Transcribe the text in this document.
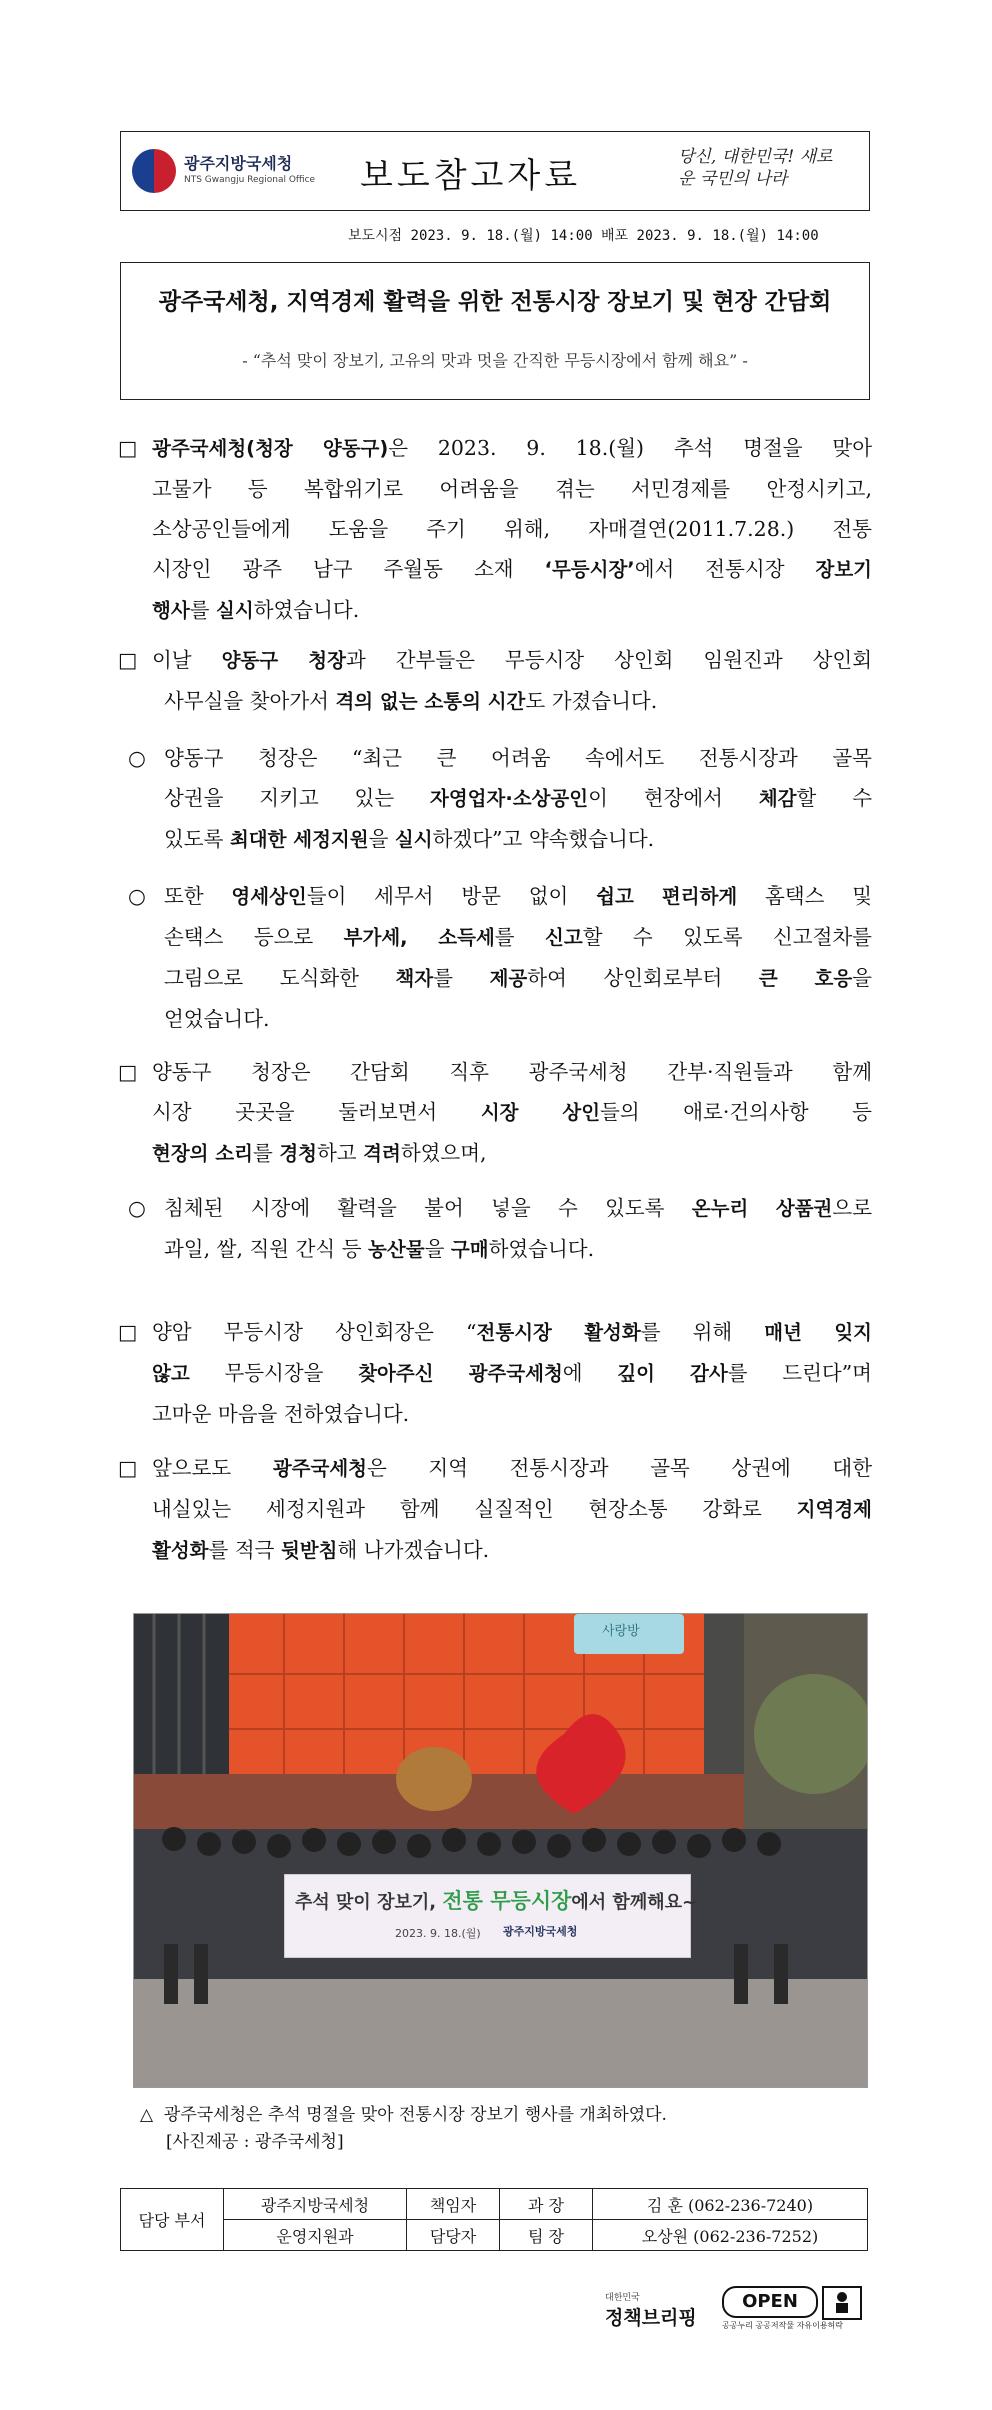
광주지방국세청
NTS Gwangju Regional Office 보도참고자료	당신, 대한민국! 새로운 국민의 나라
보도시점 2023. 9. 18.(월) 14:00 배포 2023. 9. 18.(월) 14:00
광주국세청, 지역경제 활력을 위한 전통시장 장보기 및 현장 간담회
- “추석 맞이 장보기, 고유의 맛과 멋을 간직한 무등시장에서 함께 해요” -
□ 광주국세청(청장 양동구)은 2023. 9. 18.(월) 추석 명절을 맞아
고물가 등 복합위기로 어려움을 겪는 서민경제를 안정시키고,
소상공인들에게 도움을 주기 위해, 자매결연(2011.7.28.) 전통
시장인 광주 남구 주월동 소재 ‘무등시장’에서 전통시장 장보기
행사를 실시하였습니다.
□ 이날 양동구 청장과 간부들은 무등시장 상인회 임원진과 상인회
사무실을 찾아가서 격의 없는 소통의 시간도 가졌습니다.
○ 양동구 청장은 “최근 큰 어려움 속에서도 전통시장과 골목
상권을 지키고 있는 자영업자·소상공인이 현장에서 체감할 수
있도록 최대한 세정지원을 실시하겠다”고 약속했습니다.
○ 또한 영세상인들이 세무서 방문 없이 쉽고 편리하게 홈택스 및
손택스 등으로 부가세, 소득세를 신고할 수 있도록 신고절차를
그림으로 도식화한 책자를 제공하여 상인회로부터 큰 호응을
얻었습니다.
□ 양동구 청장은 간담회 직후 광주국세청 간부·직원들과 함께
시장 곳곳을 둘러보면서 시장 상인들의 애로·건의사항 등
현장의 소리를 경청하고 격려하였으며,
○ 침체된 시장에 활력을 불어 넣을 수 있도록 온누리 상품권으로
과일, 쌀, 직원 간식 등 농산물을 구매하였습니다.
□ 양암 무등시장 상인회장은 “전통시장 활성화를 위해 매년 잊지
않고 무등시장을 찾아주신 광주국세청에 깊이 감사를 드린다”며
고마운 마음을 전하였습니다.
□ 앞으로도 광주국세청은 지역 전통시장과 골목 상권에 대한
내실있는 세정지원과 함께 실질적인 현장소통 강화로 지역경제
활성화를 적극 뒷받침해 나가겠습니다.
추석 맞이 장보기, 전통 무등시장에서 함께해요~
2023. 9. 18.(월) 광주지방국세청
사랑방
△ 광주국세청은 추석 명절을 맞아 전통시장 장보기 행사를 개최하였다.
[사진제공 : 광주국세청]
담당 부서	광주지방국세청	책임자	과 장	김 훈 (062-236-7240)
	운영지원과	담당자	팀 장	오상원 (062-236-7252)
대한민국
정책브리핑
OPEN
공공누리 공공저작물 자유이용허락
